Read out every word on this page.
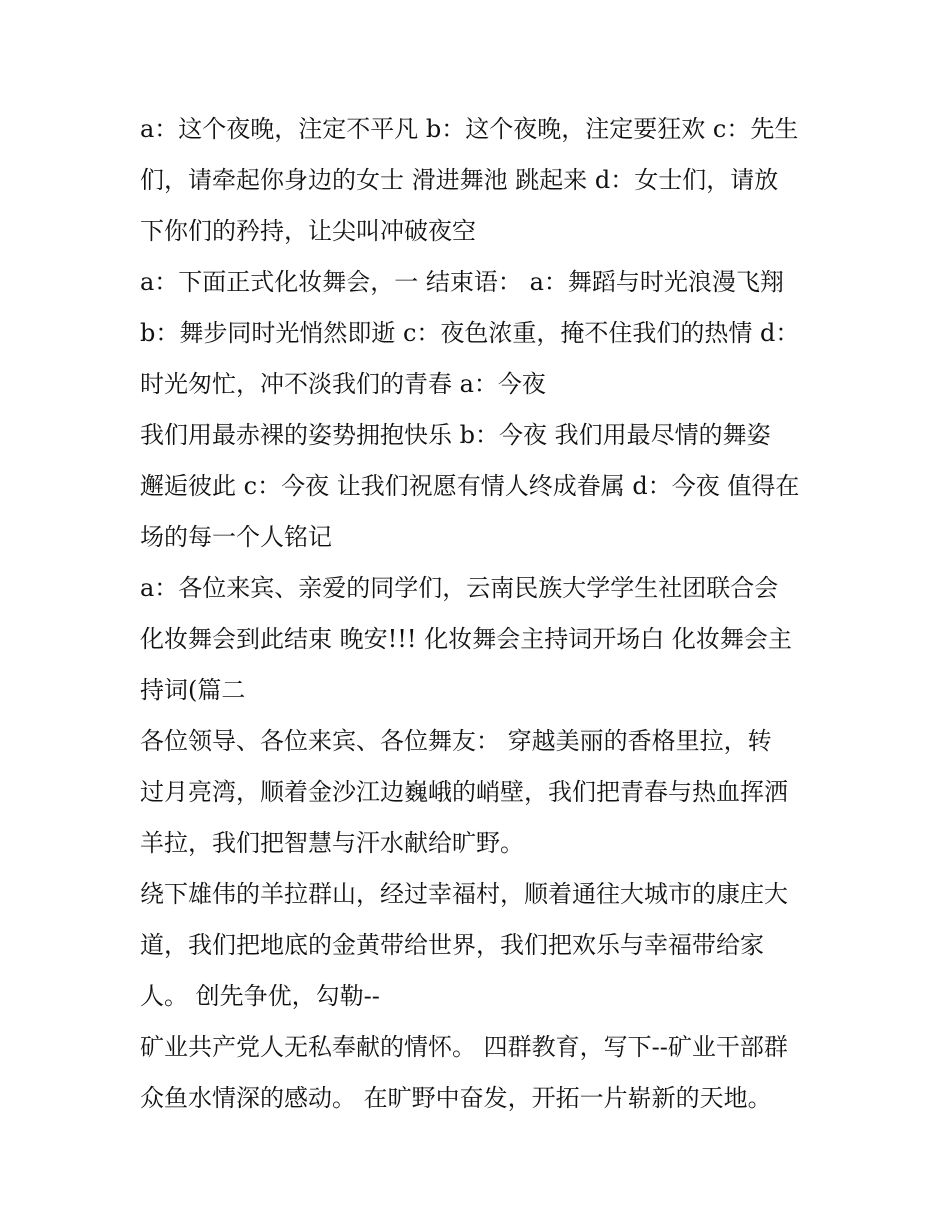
a：这个夜晚，注定不平凡 b：这个夜晚，注定要狂欢 c：先生
们，请牵起你身边的女士 滑进舞池 跳起来 d：女士们，请放
下你们的矜持，让尖叫冲破夜空
a：下面正式化妆舞会，一 结束语： a：舞蹈与时光浪漫飞翔
b：舞步同时光悄然即逝 c：夜色浓重，掩不住我们的热情 d：
时光匆忙，冲不淡我们的青春 a：今夜
我们用最赤裸的姿势拥抱快乐 b：今夜 我们用最尽情的舞姿
邂逅彼此 c：今夜 让我们祝愿有情人终成眷属 d：今夜 值得在
场的每一个人铭记
a：各位来宾、亲爱的同学们，云南民族大学学生社团联合会
化妆舞会到此结束 晚安!!! 化妆舞会主持词开场白 化妆舞会主
持词(篇二
各位领导、各位来宾、各位舞友： 穿越美丽的香格里拉，转
过月亮湾，顺着金沙江边巍峨的峭壁，我们把青春与热血挥洒
羊拉，我们把智慧与汗水献给旷野。
绕下雄伟的羊拉群山，经过幸福村，顺着通往大城市的康庄大
道，我们把地底的金黄带给世界，我们把欢乐与幸福带给家
人。 创先争优，勾勒--
矿业共产党人无私奉献的情怀。 四群教育，写下--矿业干部群
众鱼水情深的感动。 在旷野中奋发，开拓一片崭新的天地。
